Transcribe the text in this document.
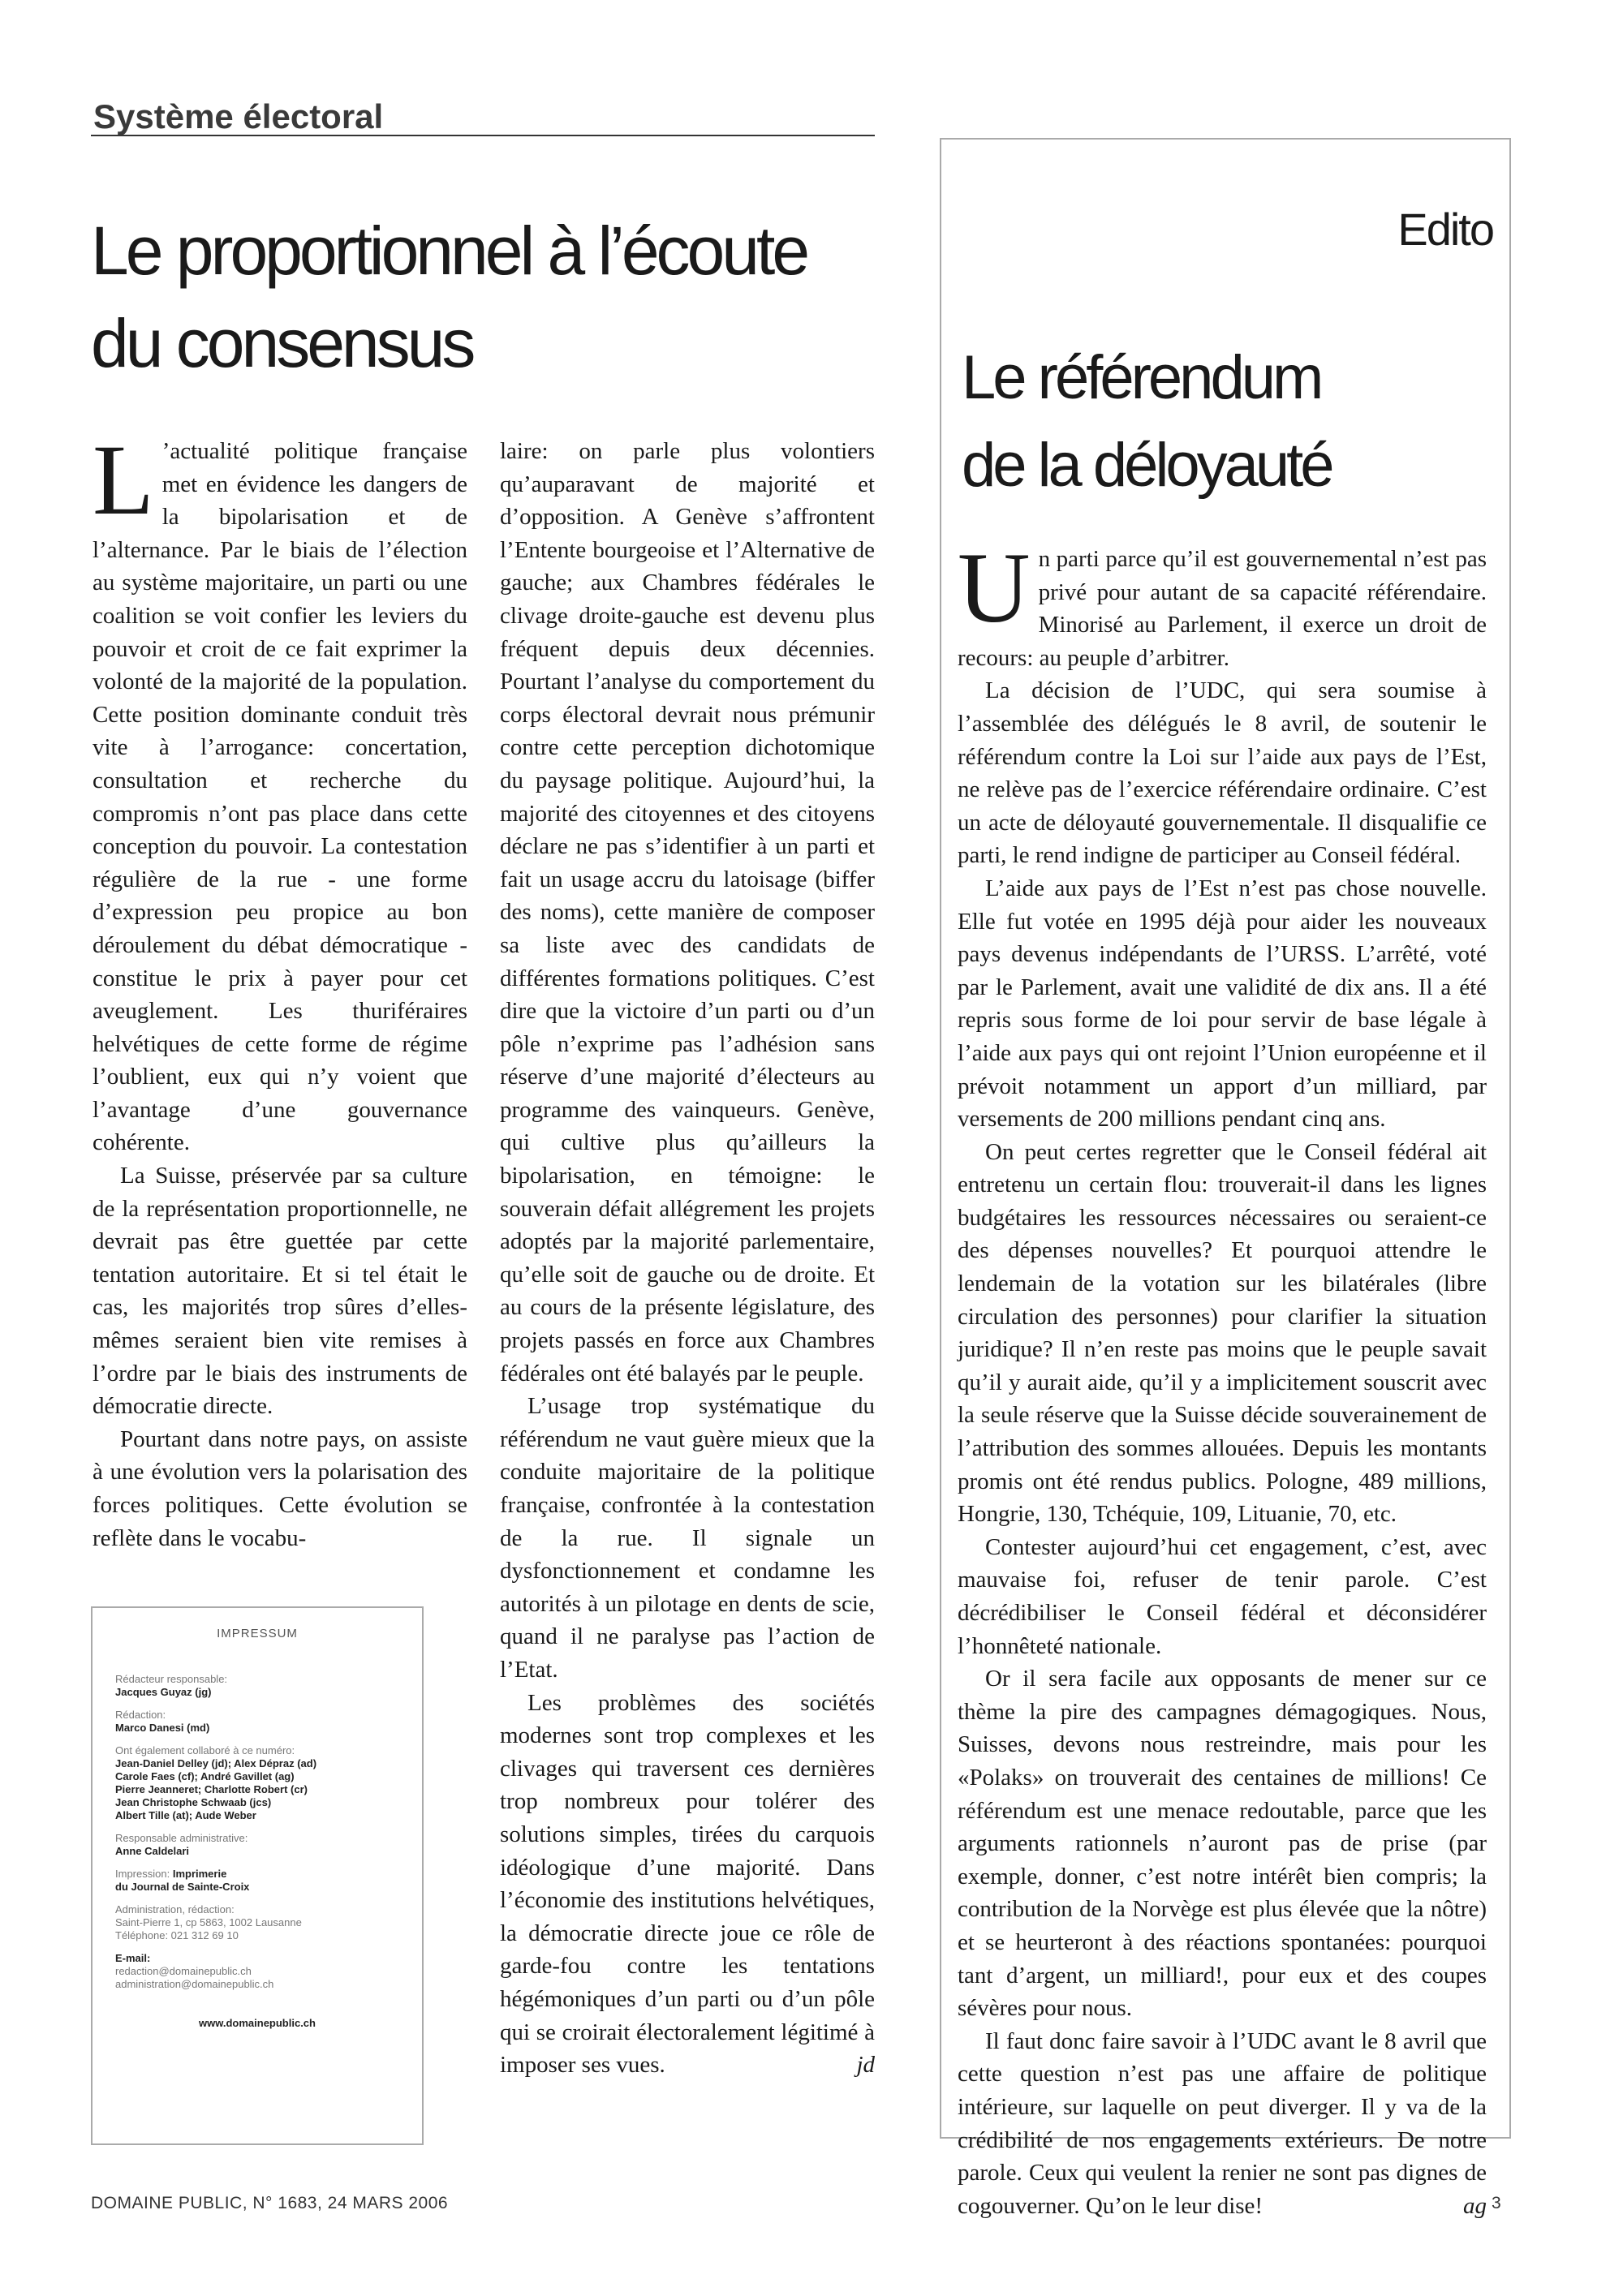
Système électoral
Le proportionnel à l’écoute
du consensus

L ’actualité politique française met en évidence les dangers de la bipolarisation et de l’alternance. Par le biais de l’élection au système majoritaire, un parti ou une coalition se voit confier les leviers du pouvoir et croit de ce fait exprimer la volonté de la majorité de la population. Cette position dominante conduit très vite à l’arrogance: concertation, consultation et recherche du compromis n’ont pas place dans cette conception du pouvoir. La contestation régulière de la rue - une forme d’expression peu propice au bon déroulement du débat démocratique - constitue le prix à payer pour cet aveuglement. Les thuriféraires helvétiques de cette forme de régime l’oublient, eux qui n’y voient que l’avantage d’une gouvernance cohérente.

La Suisse, préservée par sa culture de la représentation proportionnelle, ne devrait pas être guettée par cette tentation autoritaire. Et si tel était le cas, les majorités trop sûres d’elles-mêmes seraient bien vite remises à l’ordre par le biais des instruments de démocratie directe.

Pourtant dans notre pays, on assiste à une évolution vers la polarisation des forces politiques. Cette évolution se reflète dans le vocabu-

IMPRESSUM
Rédacteur responsable:
Jacques Guyaz (jg)
Rédaction:
Marco Danesi (md)
Ont également collaboré à ce numéro:
Jean-Daniel Delley (jd); Alex Dépraz (ad)
Carole Faes (cf); André Gavillet (ag)
Pierre Jeanneret; Charlotte Robert (cr)
Jean Christophe Schwaab (jcs)
Albert Tille (at); Aude Weber
Responsable administrative:
Anne Caldelari
Impression: Imprimerie
du Journal de Sainte-Croix
Administration, rédaction:
Saint-Pierre 1, cp 5863, 1002 Lausanne
Téléphone: 021 312 69 10
E-mail:
redaction@domainepublic.ch
administration@domainepublic.ch
www.domainepublic.ch

laire: on parle plus volontiers qu’auparavant de majorité et d’opposition. A Genève s’affrontent l’Entente bourgeoise et l’Alternative de gauche; aux Chambres fédérales le clivage droite-gauche est devenu plus fréquent depuis deux décennies. Pourtant l’analyse du comportement du corps électoral devrait nous prémunir contre cette perception dichotomique du paysage politique. Aujourd’hui, la majorité des citoyennes et des citoyens déclare ne pas s’identifier à un parti et fait un usage accru du latoisage (biffer des noms), cette manière de composer sa liste avec des candidats de différentes formations politiques. C’est dire que la victoire d’un parti ou d’un pôle n’exprime pas l’adhésion sans réserve d’une majorité d’électeurs au programme des vainqueurs. Genève, qui cultive plus qu’ailleurs la bipolarisation, en témoigne: le souverain défait allégrement les projets adoptés par la majorité parlementaire, qu’elle soit de gauche ou de droite. Et au cours de la présente législature, des projets passés en force aux Chambres fédérales ont été balayés par le peuple.

L’usage trop systématique du référendum ne vaut guère mieux que la conduite majoritaire de la politique française, confrontée à la contestation de la rue. Il signale un dysfonctionnement et condamne les autorités à un pilotage en dents de scie, quand il ne paralyse pas l’action de l’Etat.

Les problèmes des sociétés modernes sont trop complexes et les clivages qui traversent ces dernières trop nombreux pour tolérer des solutions simples, tirées du carquois idéologique d’une majorité. Dans l’économie des institutions helvétiques, la démocratie directe joue ce rôle de garde-fou contre les tentations hégémoniques d’un parti ou d’un pôle qui se croirait électoralement légitimé à imposer ses vues.	jd

Edito
Le référendum
de la déloyauté

Un parti parce qu’il est gouvernemental n’est pas privé pour autant de sa capacité référendaire. Minorisé au Parlement, il exerce un droit de recours: au peuple d’arbitrer.

La décision de l’UDC, qui sera soumise à l’assemblée des délégués le 8 avril, de soutenir le référendum contre la Loi sur l’aide aux pays de l’Est, ne relève pas de l’exercice référendaire ordinaire. C’est un acte de déloyauté gouvernementale. Il disqualifie ce parti, le rend indigne de participer au Conseil fédéral.

L’aide aux pays de l’Est n’est pas chose nouvelle. Elle fut votée en 1995 déjà pour aider les nouveaux pays devenus indépendants de l’URSS. L’arrêté, voté par le Parlement, avait une validité de dix ans. Il a été repris sous forme de loi pour servir de base légale à l’aide aux pays qui ont rejoint l’Union européenne et il prévoit notamment un apport d’un milliard, par versements de 200 millions pendant cinq ans.

On peut certes regretter que le Conseil fédéral ait entretenu un certain flou: trouverait-il dans les lignes budgétaires les ressources nécessaires ou seraient-ce des dépenses nouvelles? Et pourquoi attendre le lendemain de la votation sur les bilatérales (libre circulation des personnes) pour clarifier la situation juridique? Il n’en reste pas moins que le peuple savait qu’il y aurait aide, qu’il y a implicitement souscrit avec la seule réserve que la Suisse décide souverainement de l’attribution des sommes allouées. Depuis les montants promis ont été rendus publics. Pologne, 489 millions, Hongrie, 130, Tchéquie, 109, Lituanie, 70, etc.

Contester aujourd’hui cet engagement, c’est, avec mauvaise foi, refuser de tenir parole. C’est décrédibiliser le Conseil fédéral et déconsidérer l’honnêteté nationale.

Or il sera facile aux opposants de mener sur ce thème la pire des campagnes démagogiques. Nous, Suisses, devons nous restreindre, mais pour les «Polaks» on trouverait des centaines de millions! Ce référendum est une menace redoutable, parce que les arguments rationnels n’auront pas de prise (par exemple, donner, c’est notre intérêt bien compris; la contribution de la Norvège est plus élevée que la nôtre) et se heurteront à des réactions spontanées: pourquoi tant d’argent, un milliard!, pour eux et des coupes sévères pour nous.

Il faut donc faire savoir à l’UDC avant le 8 avril que cette question n’est pas une affaire de politique intérieure, sur laquelle on peut diverger. Il y va de la crédibilité de nos engagements extérieurs. De notre parole. Ceux qui veulent la renier ne sont pas dignes de cogouverner. Qu’on le leur dise!	ag

DOMAINE PUBLIC, N° 1683, 24 MARS 2006	3
